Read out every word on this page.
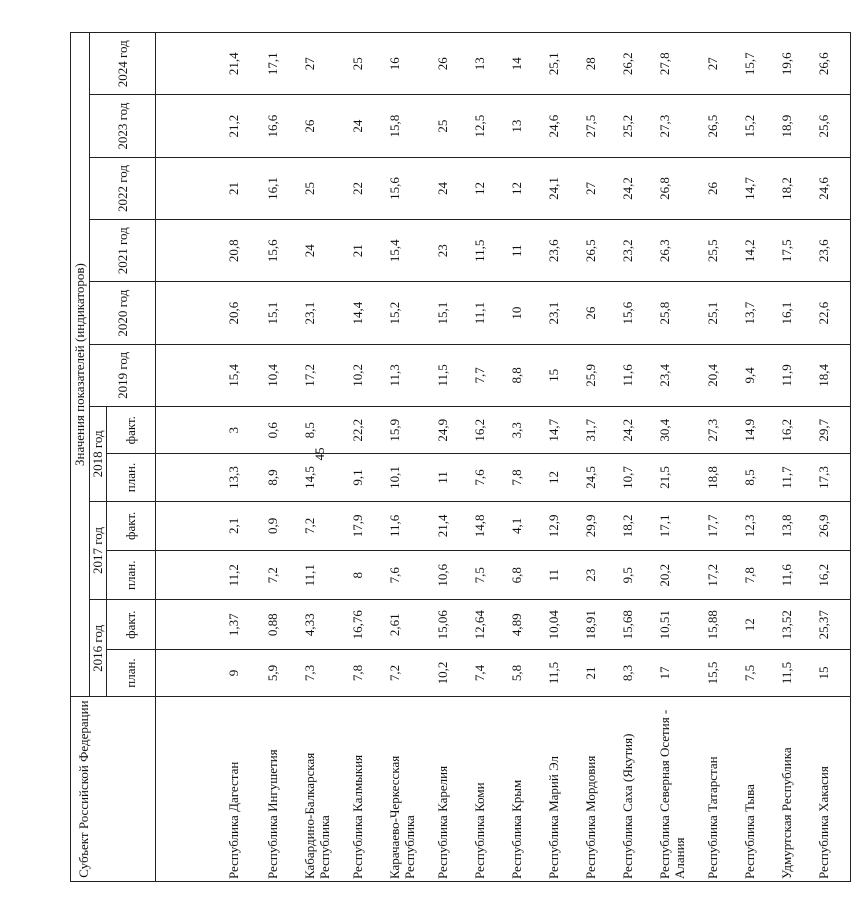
45
Субъект Российской Федерации	Значения показателей (индикаторов)											
	2016 год		2017 год		2018 год		2019 год	2020 год	2021 год	2022 год	2023 год	2024 год
	план.	факт.	план.	факт.	план.	факт.						
Республика Дагестан	9	1,37	11,2	2,1	13,3	3	15,4	20,6	20,8	21	21,2	21,4
Республика Ингушетия	5,9	0,88	7,2	0,9	8,9	0,6	10,4	15,1	15,6	16,1	16,6	17,1
Кабардино-Балкарская Республика	7,3	4,33	11,1	7,2	14,5	8,5	17,2	23,1	24	25	26	27
Республика Калмыкия	7,8	16,76	8	17,9	9,1	22,2	10,2	14,4	21	22	24	25
Карачаево-Черкесская Республика	7,2	2,61	7,6	11,6	10,1	15,9	11,3	15,2	15,4	15,6	15,8	16
Республика Карелия	10,2	15,06	10,6	21,4	11	24,9	11,5	15,1	23	24	25	26
Республика Коми	7,4	12,64	7,5	14,8	7,6	16,2	7,7	11,1	11,5	12	12,5	13
Республика Крым	5,8	4,89	6,8	4,1	7,8	3,3	8,8	10	11	12	13	14
Республика Марий Эл	11,5	10,04	11	12,9	12	14,7	15	23,1	23,6	24,1	24,6	25,1
Республика Мордовия	21	18,91	23	29,9	24,5	31,7	25,9	26	26,5	27	27,5	28
Республика Саха (Якутия)	8,3	15,68	9,5	18,2	10,7	24,2	11,6	15,6	23,2	24,2	25,2	26,2
Республика Северная Осетия - Алания	17	10,51	20,2	17,1	21,5	30,4	23,4	25,8	26,3	26,8	27,3	27,8
Республика Татарстан	15,5	15,88	17,2	17,7	18,8	27,3	20,4	25,1	25,5	26	26,5	27
Республика Тыва	7,5	12	7,8	12,3	8,5	14,9	9,4	13,7	14,2	14,7	15,2	15,7
Удмуртская Республика	11,5	13,52	11,6	13,8	11,7	16,2	11,9	16,1	17,5	18,2	18,9	19,6
Республика Хакасия	15	25,37	16,2	26,9	17,3	29,7	18,4	22,6	23,6	24,6	25,6	26,6
